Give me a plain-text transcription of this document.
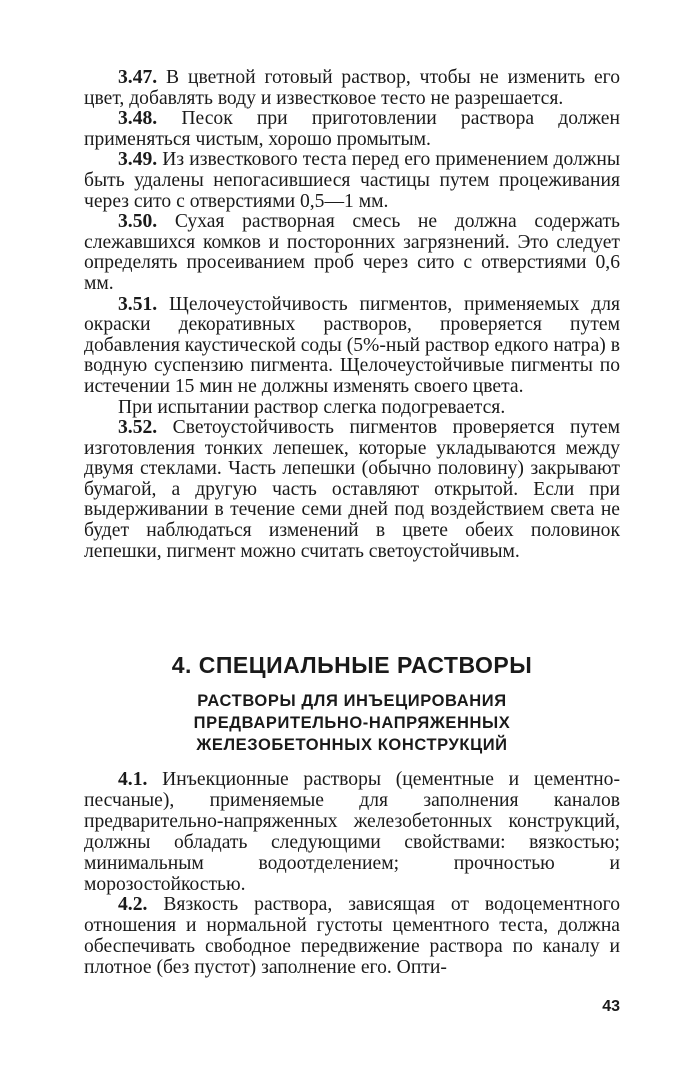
3.47. В цветной готовый раствор, чтобы не изменить его цвет, добавлять воду и известковое тесто не разрешается.

3.48. Песок при приготовлении раствора должен применяться чистым, хорошо промытым.

3.49. Из известкового теста перед его применением должны быть удалены непогасившиеся частицы путем процеживания через сито с отверстиями 0,5—1 мм.

3.50. Сухая растворная смесь не должна содержать слежавшихся комков и посторонних загрязнений. Это следует определять просеиванием проб через сито с отверстиями 0,6 мм.

3.51. Щелочеустойчивость пигментов, применяемых для окраски декоративных растворов, проверяется путем добавления каустической соды (5%-ный раствор едкого натра) в водную суспензию пигмента. Щелочеустойчивые пигменты по истечении 15 мин не должны изменять своего цвета.

При испытании раствор слегка подогревается.

3.52. Светоустойчивость пигментов проверяется путем изготовления тонких лепешек, которые укладываются между двумя стеклами. Часть лепешки (обычно половину) закрывают бумагой, а другую часть оставляют открытой. Если при выдерживании в течение семи дней под воздействием света не будет наблюдаться изменений в цвете обеих половинок лепешки, пигмент можно считать светоустойчивым.

4. СПЕЦИАЛЬНЫЕ РАСТВОРЫ
РАСТВОРЫ ДЛЯ ИНЪЕЦИРОВАНИЯ
ПРЕДВАРИТЕЛЬНО-НАПРЯЖЕННЫХ
ЖЕЛЕЗОБЕТОННЫХ КОНСТРУКЦИЙ

4.1. Инъекционные растворы (цементные и цементно-песчаные), применяемые для заполнения каналов предварительно-напряженных железобетонных конструкций, должны обладать следующими свойствами: вязкостью; минимальным водоотделением; прочностью и морозостойкостью.

4.2. Вязкость раствора, зависящая от водоцементного отношения и нормальной густоты цементного теста, должна обеспечивать свободное передвижение раствора по каналу и плотное (без пустот) заполнение его. Опти-

43
